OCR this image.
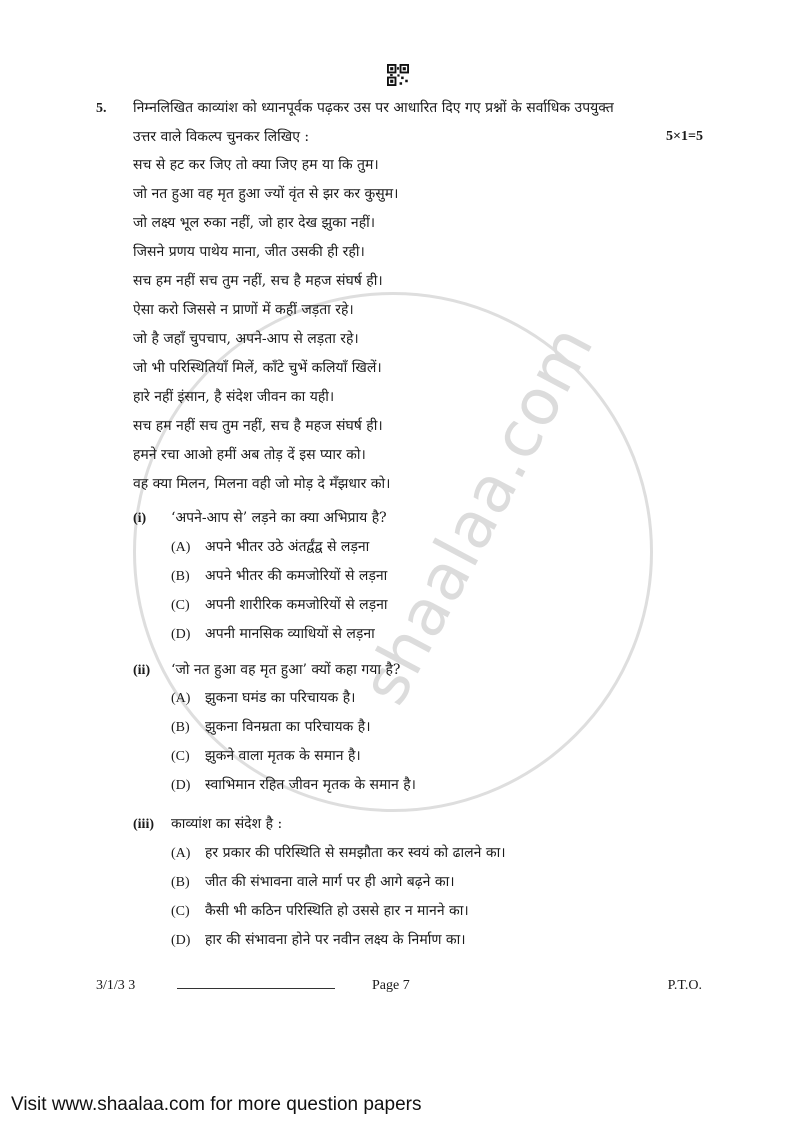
shaalaa.com
5. निम्नलिखित काव्यांश को ध्यानपूर्वक पढ़कर उस पर आधारित दिए गए प्रश्नों के सर्वाधिक उपयुक्त
उत्तर वाले विकल्प चुनकर लिखिए :	5×1=5
सच से हट कर जिए तो क्या जिए हम या कि तुम।
जो नत हुआ वह मृत हुआ ज्यों वृंत से झर कर कुसुम।
जो लक्ष्य भूल रुका नहीं, जो हार देख झुका नहीं।
जिसने प्रणय पाथेय माना, जीत उसकी ही रही।
सच हम नहीं सच तुम नहीं, सच है महज संघर्ष ही।
ऐसा करो जिससे न प्राणों में कहीं जड़ता रहे।
जो है जहाँ चुपचाप, अपने-आप से लड़ता रहे।
जो भी परिस्थितियाँ मिलें, काँटे चुभें कलियाँ खिलें।
हारे नहीं इंसान, है संदेश जीवन का यही।
सच हम नहीं सच तुम नहीं, सच है महज संघर्ष ही।
हमने रचा आओ हमीं अब तोड़ दें इस प्यार को।
वह क्या मिलन, मिलना वही जो मोड़ दे मँझधार को।
(i) ‘अपने-आप से’ लड़ने का क्या अभिप्राय है?
(A) अपने भीतर उठे अंतर्द्वंद्व से लड़ना
(B) अपने भीतर की कमजोरियों से लड़ना
(C) अपनी शारीरिक कमजोरियों से लड़ना
(D) अपनी मानसिक व्याधियों से लड़ना
(ii) ‘जो नत हुआ वह मृत हुआ’ क्यों कहा गया है?
(A) झुकना घमंड का परिचायक है।
(B) झुकना विनम्रता का परिचायक है।
(C) झुकने वाला मृतक के समान है।
(D) स्वाभिमान रहित जीवन मृतक के समान है।
(iii) काव्यांश का संदेश है :
(A) हर प्रकार की परिस्थिति से समझौता कर स्वयं को ढालने का।
(B) जीत की संभावना वाले मार्ग पर ही आगे बढ़ने का।
(C) कैसी भी कठिन परिस्थिति हो उससे हार न मानने का।
(D) हार की संभावना होने पर नवीन लक्ष्य के निर्माण का।
3/1/3 3	Page 7	P.T.O.
Visit www.shaalaa.com for more question papers
